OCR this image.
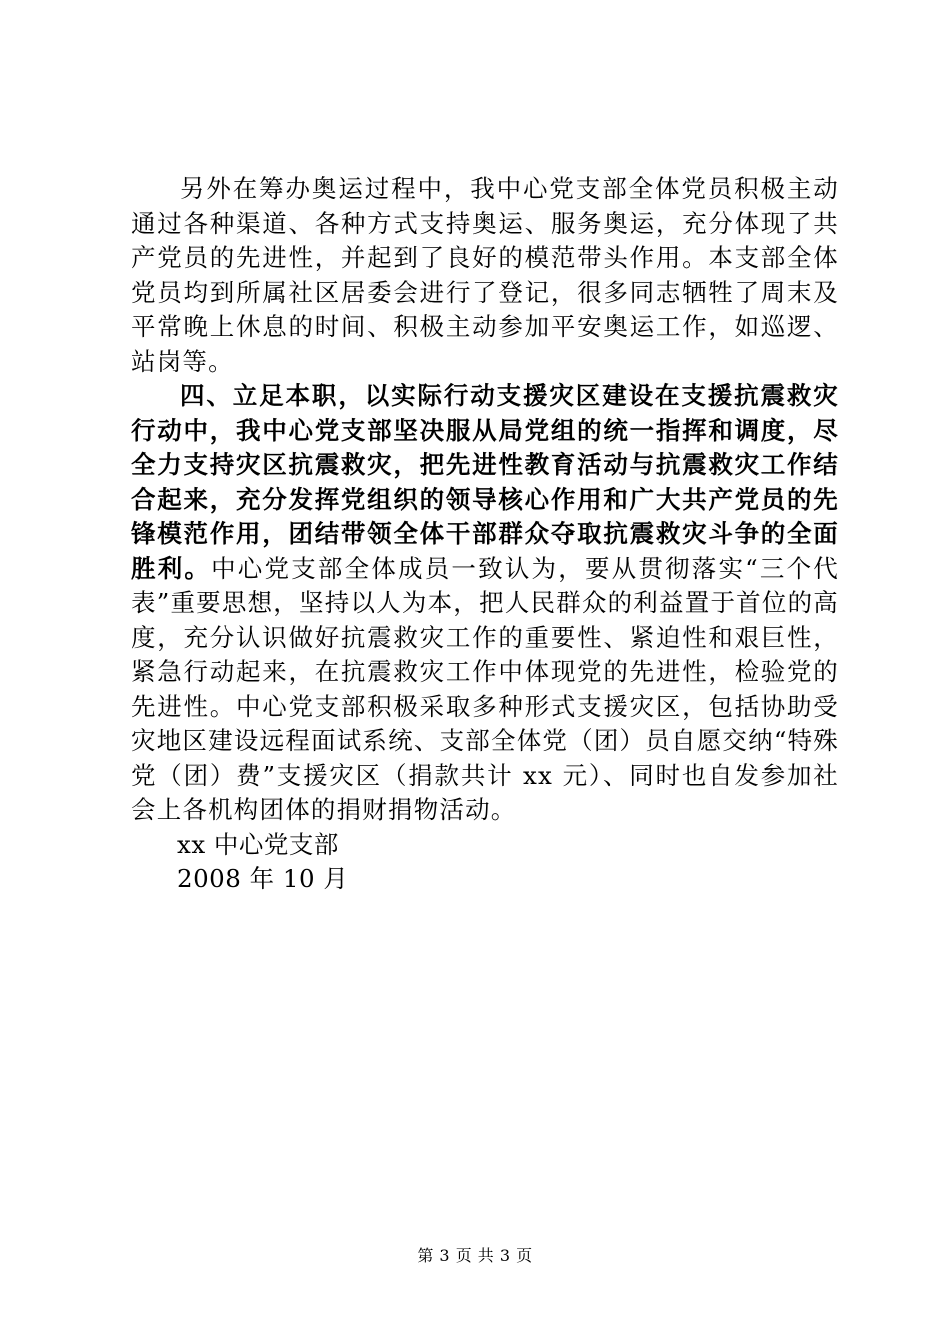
另外在筹办奥运过程中，我中心党支部全体党员积极主动通过各种渠道、各种方式支持奥运、服务奥运，充分体现了共产党员的先进性，并起到了良好的模范带头作用。本支部全体党员均到所属社区居委会进行了登记，很多同志牺牲了周末及平常晚上休息的时间、积极主动参加平安奥运工作，如巡逻、站岗等。

四、立足本职，以实际行动支援灾区建设在支援抗震救灾行动中，我中心党支部坚决服从局党组的统一指挥和调度，尽全力支持灾区抗震救灾，把先进性教育活动与抗震救灾工作结合起来，充分发挥党组织的领导核心作用和广大共产党员的先锋模范作用，团结带领全体干部群众夺取抗震救灾斗争的全面胜利。中心党支部全体成员一致认为，要从贯彻落实“三个代表”重要思想，坚持以人为本，把人民群众的利益置于首位的高度，充分认识做好抗震救灾工作的重要性、紧迫性和艰巨性，紧急行动起来，在抗震救灾工作中体现党的先进性，检验党的先进性。中心党支部积极采取多种形式支援灾区，包括协助受灾地区建设远程面试系统、支部全体党（团）员自愿交纳“特殊党（团）费”支援灾区（捐款共计 xx 元）、同时也自发参加社会上各机构团体的捐财捐物活动。

xx 中心党支部

2008 年 10 月

第 3 页 共 3 页
